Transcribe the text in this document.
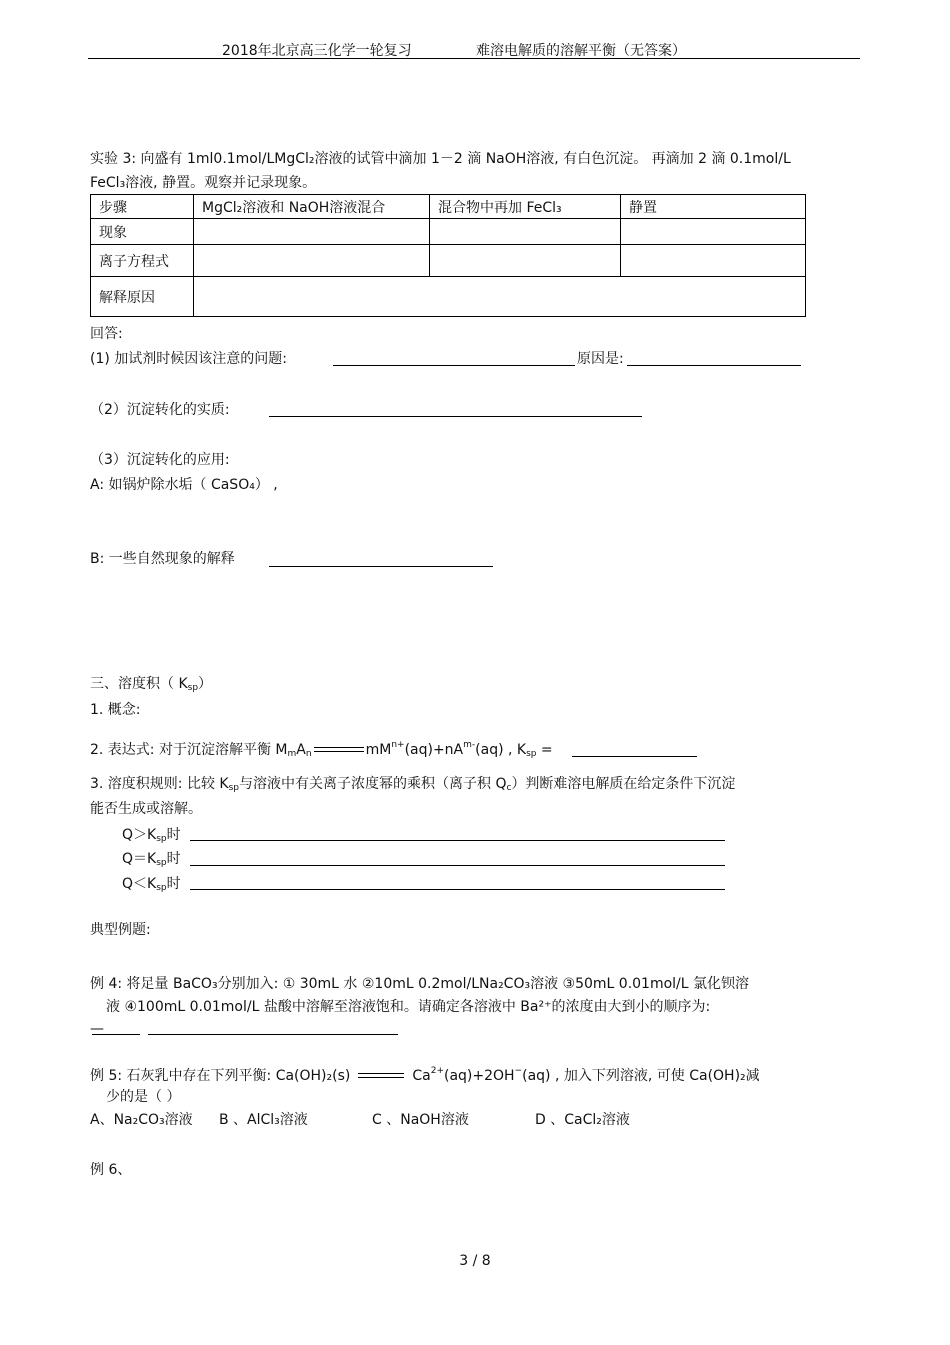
2018年北京高三化学一轮复习	难溶电解质的溶解平衡（无答案）
实验 3: 向盛有 1ml0.1mol/LMgCl₂溶液的试管中滴加 1－2 滴 NaOH溶液, 有白色沉淀。 再滴加 2 滴 0.1mol/L
FeCl₃溶液, 静置。观察并记录现象。
步骤	MgCl₂溶液和 NaOH溶液混合	混合物中再加 FeCl₃	静置
现象			
离子方程式			
解释原因			
回答:
(1) 加试剂时候因该注意的问题:	原因是:
（2）沉淀转化的实质:
（3）沉淀转化的应用:
A: 如锅炉除水垢（ CaSO₄） ,
B: 一些自然现象的解释
三、溶度积（ $K_{sp}$）
1. 概念:
2. 表达式: 对于沉淀溶解平衡 $M_mA_n$	$mM^{n+}(aq)+nA^{m-}(aq)$ , $K_{sp}$ =
3. 溶度积规则: 比较 $K_{sp}$与溶液中有关离子浓度幂的乘积（离子积 $Q_c$）判断难溶电解质在给定条件下沉淀
能否生成或溶解。
$Q>K_{sp}$时
$Q=K_{sp}$时
$Q<K_{sp}$时
典型例题:
例 4: 将足量 BaCO₃分别加入: ① 30mL 水 ②10mL 0.2mol/LNa₂CO₃溶液 ③50mL 0.01mol/L 氯化钡溶
液 ④100mL 0.01mol/L 盐酸中溶解至溶液饱和。请确定各溶液中 Ba²⁺的浓度由大到小的顺序为:
—
例 5: 石灰乳中存在下列平衡: Ca(OH)₂(s)	$Ca^{2+}(aq)+2OH^-(aq)$ , 加入下列溶液, 可使 Ca(OH)₂减
少的是（ ）
A、Na₂CO₃溶液 B 、AlCl₃溶液	C 、NaOH溶液	D 、CaCl₂溶液
例 6、
3 / 8
